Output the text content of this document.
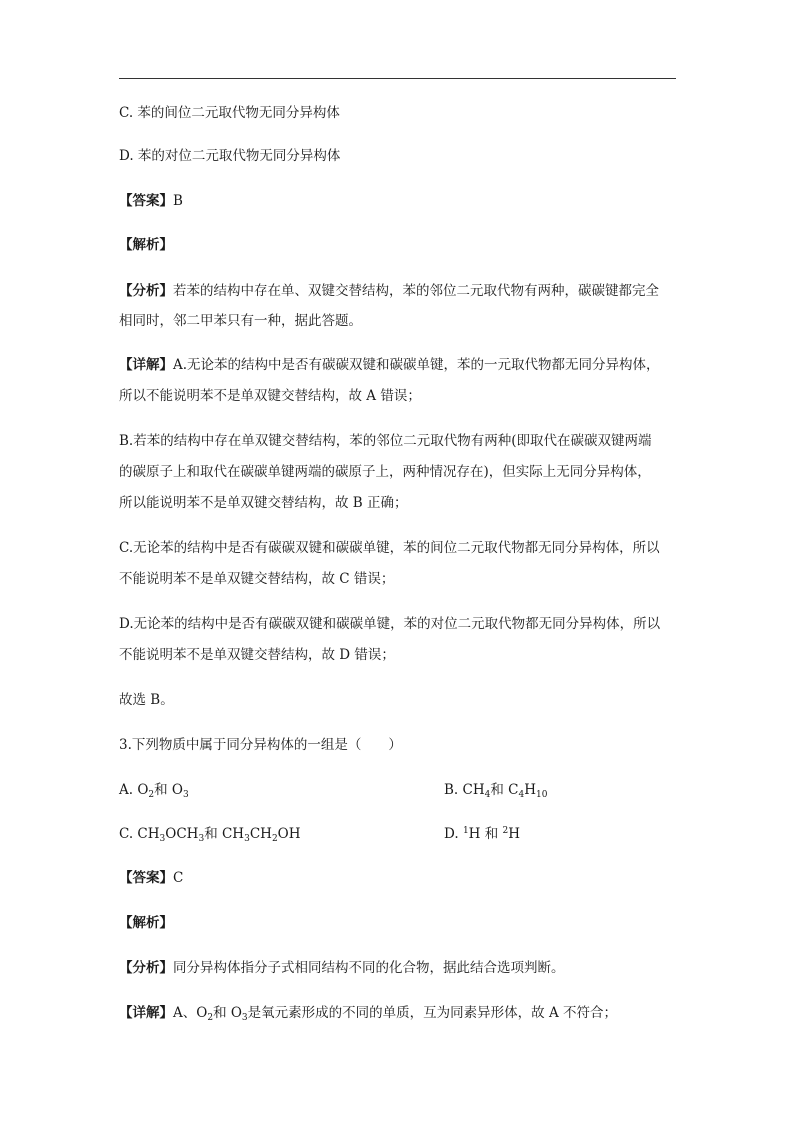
C. 苯的间位二元取代物无同分异构体
D. 苯的对位二元取代物无同分异构体
【答案】B
【解析】
【分析】若苯的结构中存在单、双键交替结构，苯的邻位二元取代物有两种，碳碳键都完全
相同时，邻二甲苯只有一种，据此答题。
【详解】A.无论苯的结构中是否有碳碳双键和碳碳单键，苯的一元取代物都无同分异构体，
所以不能说明苯不是单双键交替结构，故 A 错误；
B.若苯的结构中存在单双键交替结构，苯的邻位二元取代物有两种(即取代在碳碳双键两端
的碳原子上和取代在碳碳单键两端的碳原子上，两种情况存在)，但实际上无同分异构体，
所以能说明苯不是单双键交替结构，故 B 正确；
C.无论苯的结构中是否有碳碳双键和碳碳单键，苯的间位二元取代物都无同分异构体，所以
不能说明苯不是单双键交替结构，故 C 错误；
D.无论苯的结构中是否有碳碳双键和碳碳单键，苯的对位二元取代物都无同分异构体，所以
不能说明苯不是单双键交替结构，故 D 错误；
故选 B。
3.下列物质中属于同分异构体的一组是（　　）
A. $O_2$和 $O_3$	B. $CH_4$和 $C_4H_{10}$
C. $CH_3OCH_3$和 $CH_3CH_2OH$	D. $^1$H 和 $^2$H
【答案】C
【解析】
【分析】同分异构体指分子式相同结构不同的化合物，据此结合选项判断。
【详解】A、$O_2$和 $O_3$是氧元素形成的不同的单质，互为同素异形体，故 A 不符合；
